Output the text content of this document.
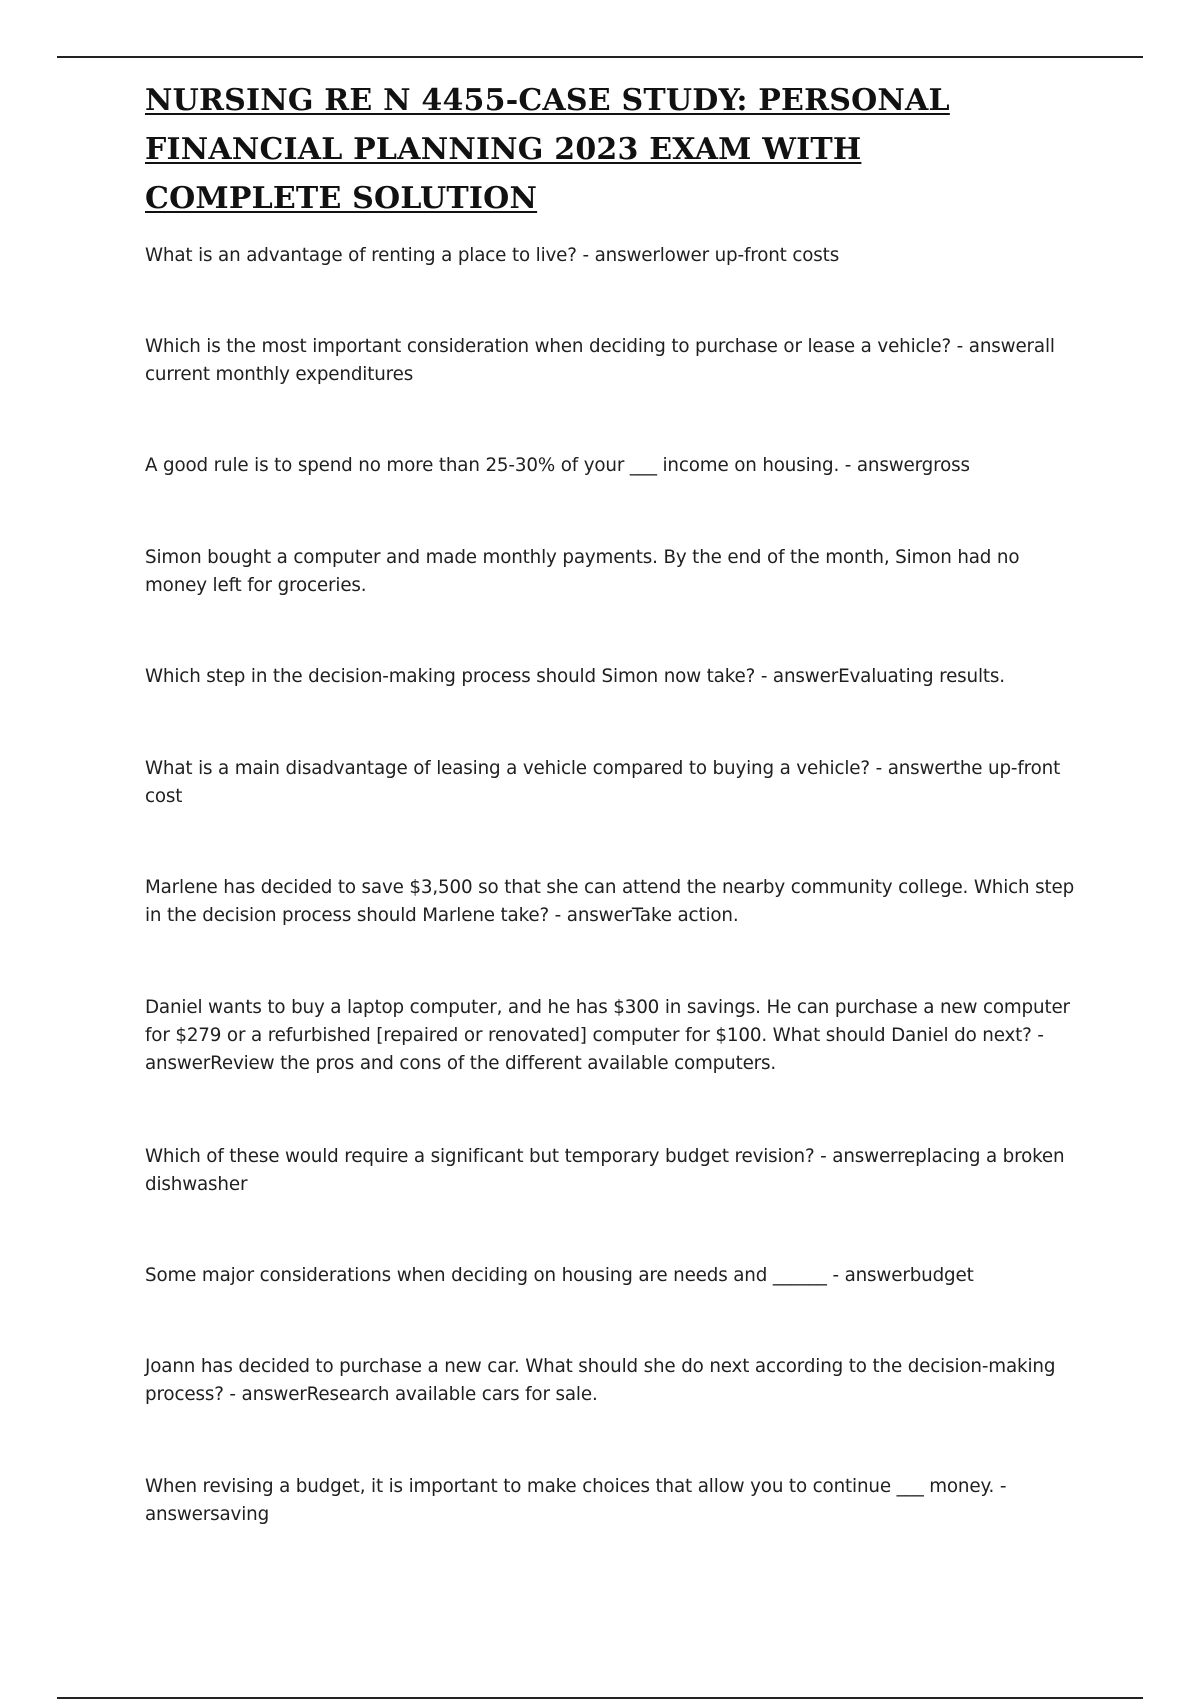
NURSING RE N 4455-CASE STUDY: PERSONAL FINANCIAL PLANNING 2023 EXAM WITH COMPLETE SOLUTION

What is an advantage of renting a place to live? - answerlower up-front costs

Which is the most important consideration when deciding to purchase or lease a vehicle? - answerall current monthly expenditures

A good rule is to spend no more than 25-30% of your ___ income on housing. - answergross

Simon bought a computer and made monthly payments. By the end of the month, Simon had no money left for groceries.

Which step in the decision-making process should Simon now take? - answerEvaluating results.

What is a main disadvantage of leasing a vehicle compared to buying a vehicle? - answerthe up-front cost

Marlene has decided to save $3,500 so that she can attend the nearby community college. Which step in the decision process should Marlene take? - answerTake action.

Daniel wants to buy a laptop computer, and he has $300 in savings. He can purchase a new computer for $279 or a refurbished [repaired or renovated] computer for $100. What should Daniel do next? - answerReview the pros and cons of the different available computers.

Which of these would require a significant but temporary budget revision? - answerreplacing a broken dishwasher

Some major considerations when deciding on housing are needs and ______ - answerbudget

Joann has decided to purchase a new car. What should she do next according to the decision-making process? - answerResearch available cars for sale.

When revising a budget, it is important to make choices that allow you to continue ___ money. - answersaving
